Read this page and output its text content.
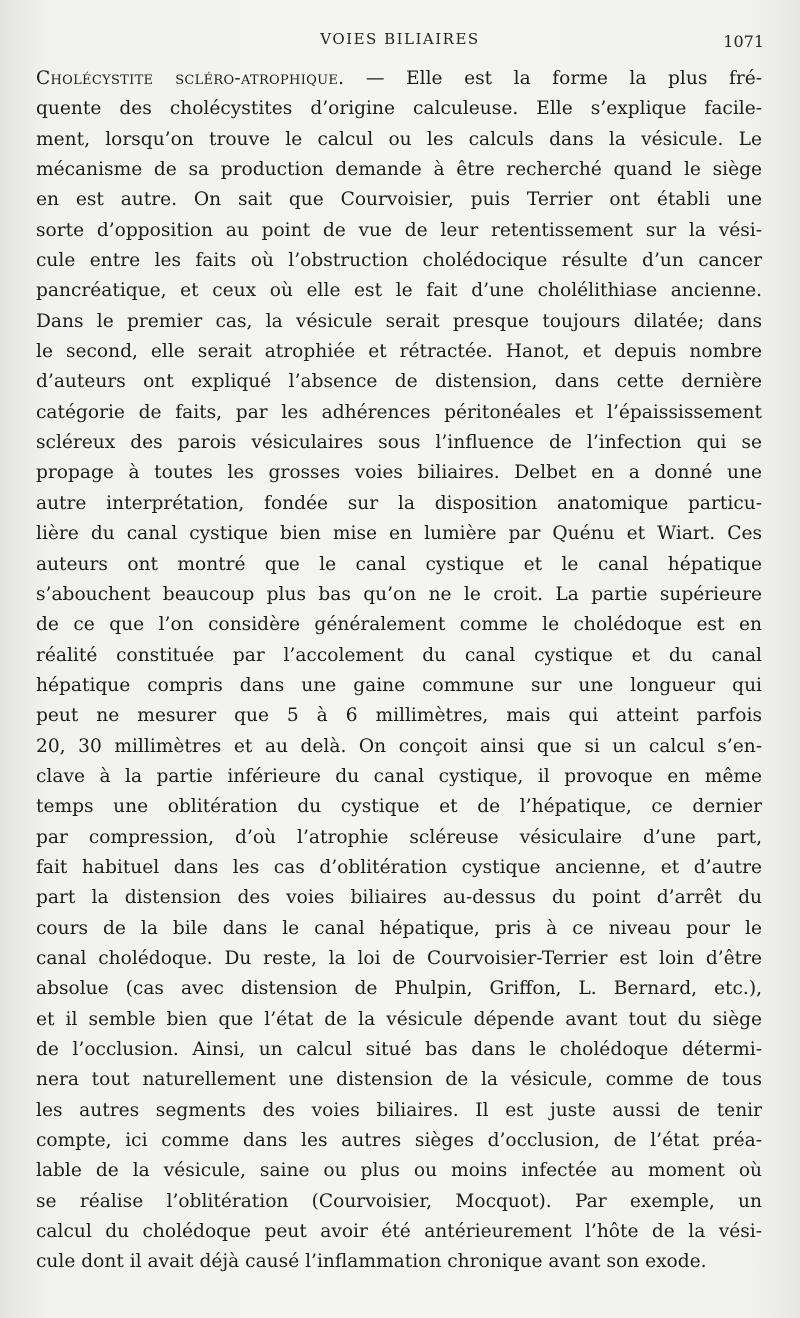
VOIES BILIAIRES	1071
Cholécystite scléro-atrophique. — Elle est la forme la plus fré-
quente des cholécystites d’origine calculeuse. Elle s’explique facile-
ment, lorsqu’on trouve le calcul ou les calculs dans la vésicule. Le
mécanisme de sa production demande à être recherché quand le siège
en est autre. On sait que Courvoisier, puis Terrier ont établi une
sorte d’opposition au point de vue de leur retentissement sur la vési-
cule entre les faits où l’obstruction cholédocique résulte d’un cancer
pancréatique, et ceux où elle est le fait d’une cholélithiase ancienne.
Dans le premier cas, la vésicule serait presque toujours dilatée; dans
le second, elle serait atrophiée et rétractée. Hanot, et depuis nombre
d’auteurs ont expliqué l’absence de distension, dans cette dernière
catégorie de faits, par les adhérences péritonéales et l’épaississement
scléreux des parois vésiculaires sous l’influence de l’infection qui se
propage à toutes les grosses voies biliaires. Delbet en a donné une
autre interprétation, fondée sur la disposition anatomique particu-
lière du canal cystique bien mise en lumière par Quénu et Wiart. Ces
auteurs ont montré que le canal cystique et le canal hépatique
s’abouchent beaucoup plus bas qu’on ne le croit. La partie supérieure
de ce que l’on considère généralement comme le cholédoque est en
réalité constituée par l’accolement du canal cystique et du canal
hépatique compris dans une gaine commune sur une longueur qui
peut ne mesurer que 5 à 6 millimètres, mais qui atteint parfois
20, 30 millimètres et au delà. On conçoit ainsi que si un calcul s’en-
clave à la partie inférieure du canal cystique, il provoque en même
temps une oblitération du cystique et de l’hépatique, ce dernier
par compression, d’où l’atrophie scléreuse vésiculaire d’une part,
fait habituel dans les cas d’oblitération cystique ancienne, et d’autre
part la distension des voies biliaires au-dessus du point d’arrêt du
cours de la bile dans le canal hépatique, pris à ce niveau pour le
canal cholédoque. Du reste, la loi de Courvoisier-Terrier est loin d’être
absolue (cas avec distension de Phulpin, Griffon, L. Bernard, etc.),
et il semble bien que l’état de la vésicule dépende avant tout du siège
de l’occlusion. Ainsi, un calcul situé bas dans le cholédoque détermi-
nera tout naturellement une distension de la vésicule, comme de tous
les autres segments des voies biliaires. Il est juste aussi de tenir
compte, ici comme dans les autres sièges d’occlusion, de l’état préa-
lable de la vésicule, saine ou plus ou moins infectée au moment où
se réalise l’oblitération (Courvoisier, Mocquot). Par exemple, un
calcul du cholédoque peut avoir été antérieurement l’hôte de la vési-
cule dont il avait déjà causé l’inflammation chronique avant son exode.
